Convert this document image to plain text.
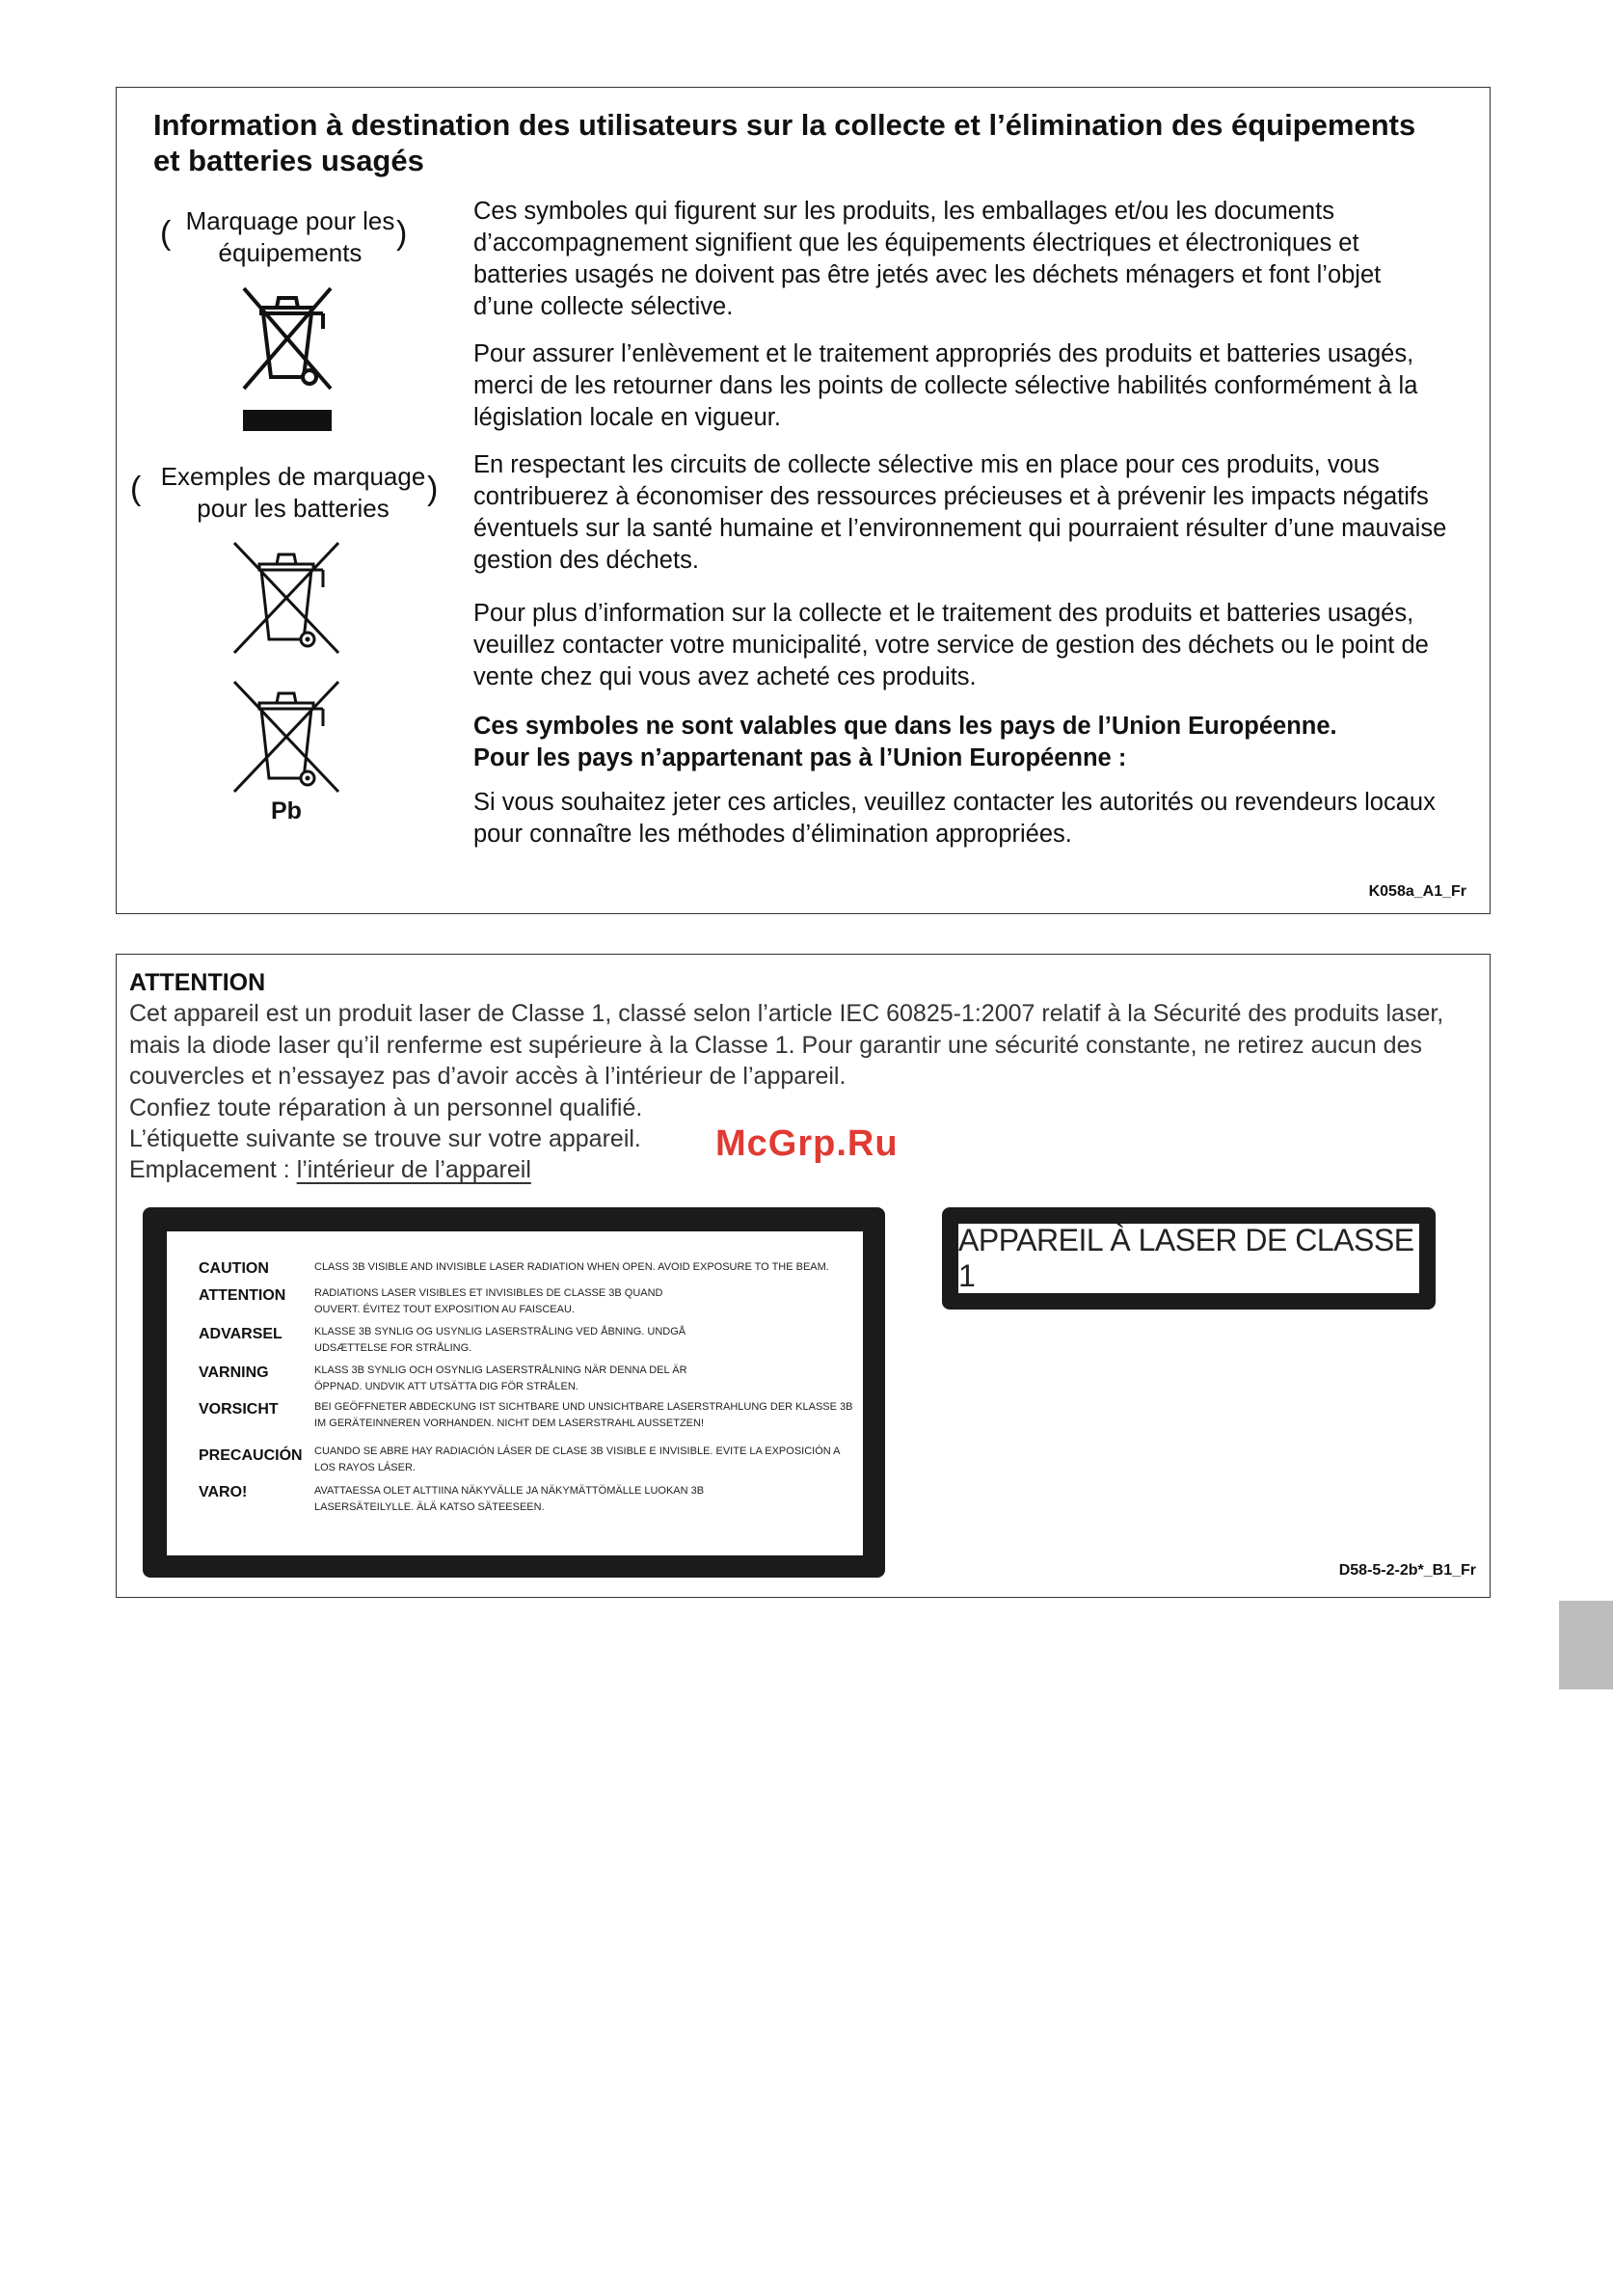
Information à destination des utilisateurs sur la collecte et l’élimination des équipements et batteries usagés
( Marquage pour les
équipements
)
( Exemples de marquage
pour les batteries
)
Pb
Ces symboles qui figurent sur les produits, les emballages et/ou les documents d’accompagnement signifient que les équipements électriques et électroniques et batteries usagés ne doivent pas être jetés avec les déchets ménagers et font l’objet d’une collecte sélective.
Pour assurer l’enlèvement et le traitement appropriés des produits et batteries usagés, merci de les retourner dans les points de collecte sélective habilités conformément à la législation locale en vigueur.
En respectant les circuits de collecte sélective mis en place pour ces produits, vous contribuerez à économiser des ressources précieuses et à prévenir les impacts négatifs éventuels sur la santé humaine et l’environnement qui pourraient résulter d’une mauvaise gestion des déchets.
Pour plus d’information sur la collecte et le traitement des produits et batteries usagés, veuillez contacter votre municipalité, votre service de gestion des déchets ou le point de vente chez qui vous avez acheté ces produits.
Ces symboles ne sont valables que dans les pays de l’Union Européenne.
Pour les pays n’appartenant pas à l’Union Européenne :
Si vous souhaitez jeter ces articles, veuillez contacter les autorités ou revendeurs locaux pour connaître les méthodes d’élimination appropriées.
K058a_A1_Fr
ATTENTION
Cet appareil est un produit laser de Classe 1, classé selon l’article IEC 60825-1:2007 relatif à la Sécurité des produits laser, mais la diode laser qu’il renferme est supérieure à la Classe 1. Pour garantir une sécurité constante, ne retirez aucun des couvercles et n’essayez pas d’avoir accès à l’intérieur de l’appareil.
Confiez toute réparation à un personnel qualifié.
L’étiquette suivante se trouve sur votre appareil.
Emplacement : l’intérieur de l’appareil
D58-5-2-2b*_B1_Fr
McGrp.Ru
CAUTION	CLASS 3B VISIBLE AND INVISIBLE LASER RADIATION WHEN OPEN. AVOID EXPOSURE TO THE BEAM.
ATTENTION	RADIATIONS LASER VISIBLES ET INVISIBLES DE CLASSE 3B QUAND OUVERT. ÉVITEZ TOUT EXPOSITION AU FAISCEAU.
ADVARSEL	KLASSE 3B SYNLIG OG USYNLIG LASERSTRÅLING VED ÅBNING. UNDGÅ UDSÆTTELSE FOR STRÅLING.
VARNING	KLASS 3B SYNLIG OCH OSYNLIG LASERSTRÅLNING NÄR DENNA DEL ÄR ÖPPNAD. UNDVIK ATT UTSÄTTA DIG FÖR STRÅLEN.
VORSICHT	BEI GEÖFFNETER ABDECKUNG IST SICHTBARE UND UNSICHTBARE LASERSTRAHLUNG DER KLASSE 3B IM GERÄTEINNEREN VORHANDEN. NICHT DEM LASERSTRAHL AUSSETZEN!
PRECAUCIÓN CUANDO SE ABRE HAY RADIACIÓN LÁSER DE CLASE 3B VISIBLE E INVISIBLE. EVITE LA EXPOSICIÓN A LOS RAYOS LÁSER.
VARO!	AVATTAESSA OLET ALTTIINA NÄKYVÄLLE JA NÄKYMÄTTÖMÄLLE LUOKAN 3B LASERSÄTEILYLLE. ÄLÄ KATSO SÄTEESEEN.
APPAREIL À LASER DE CLASSE 1
